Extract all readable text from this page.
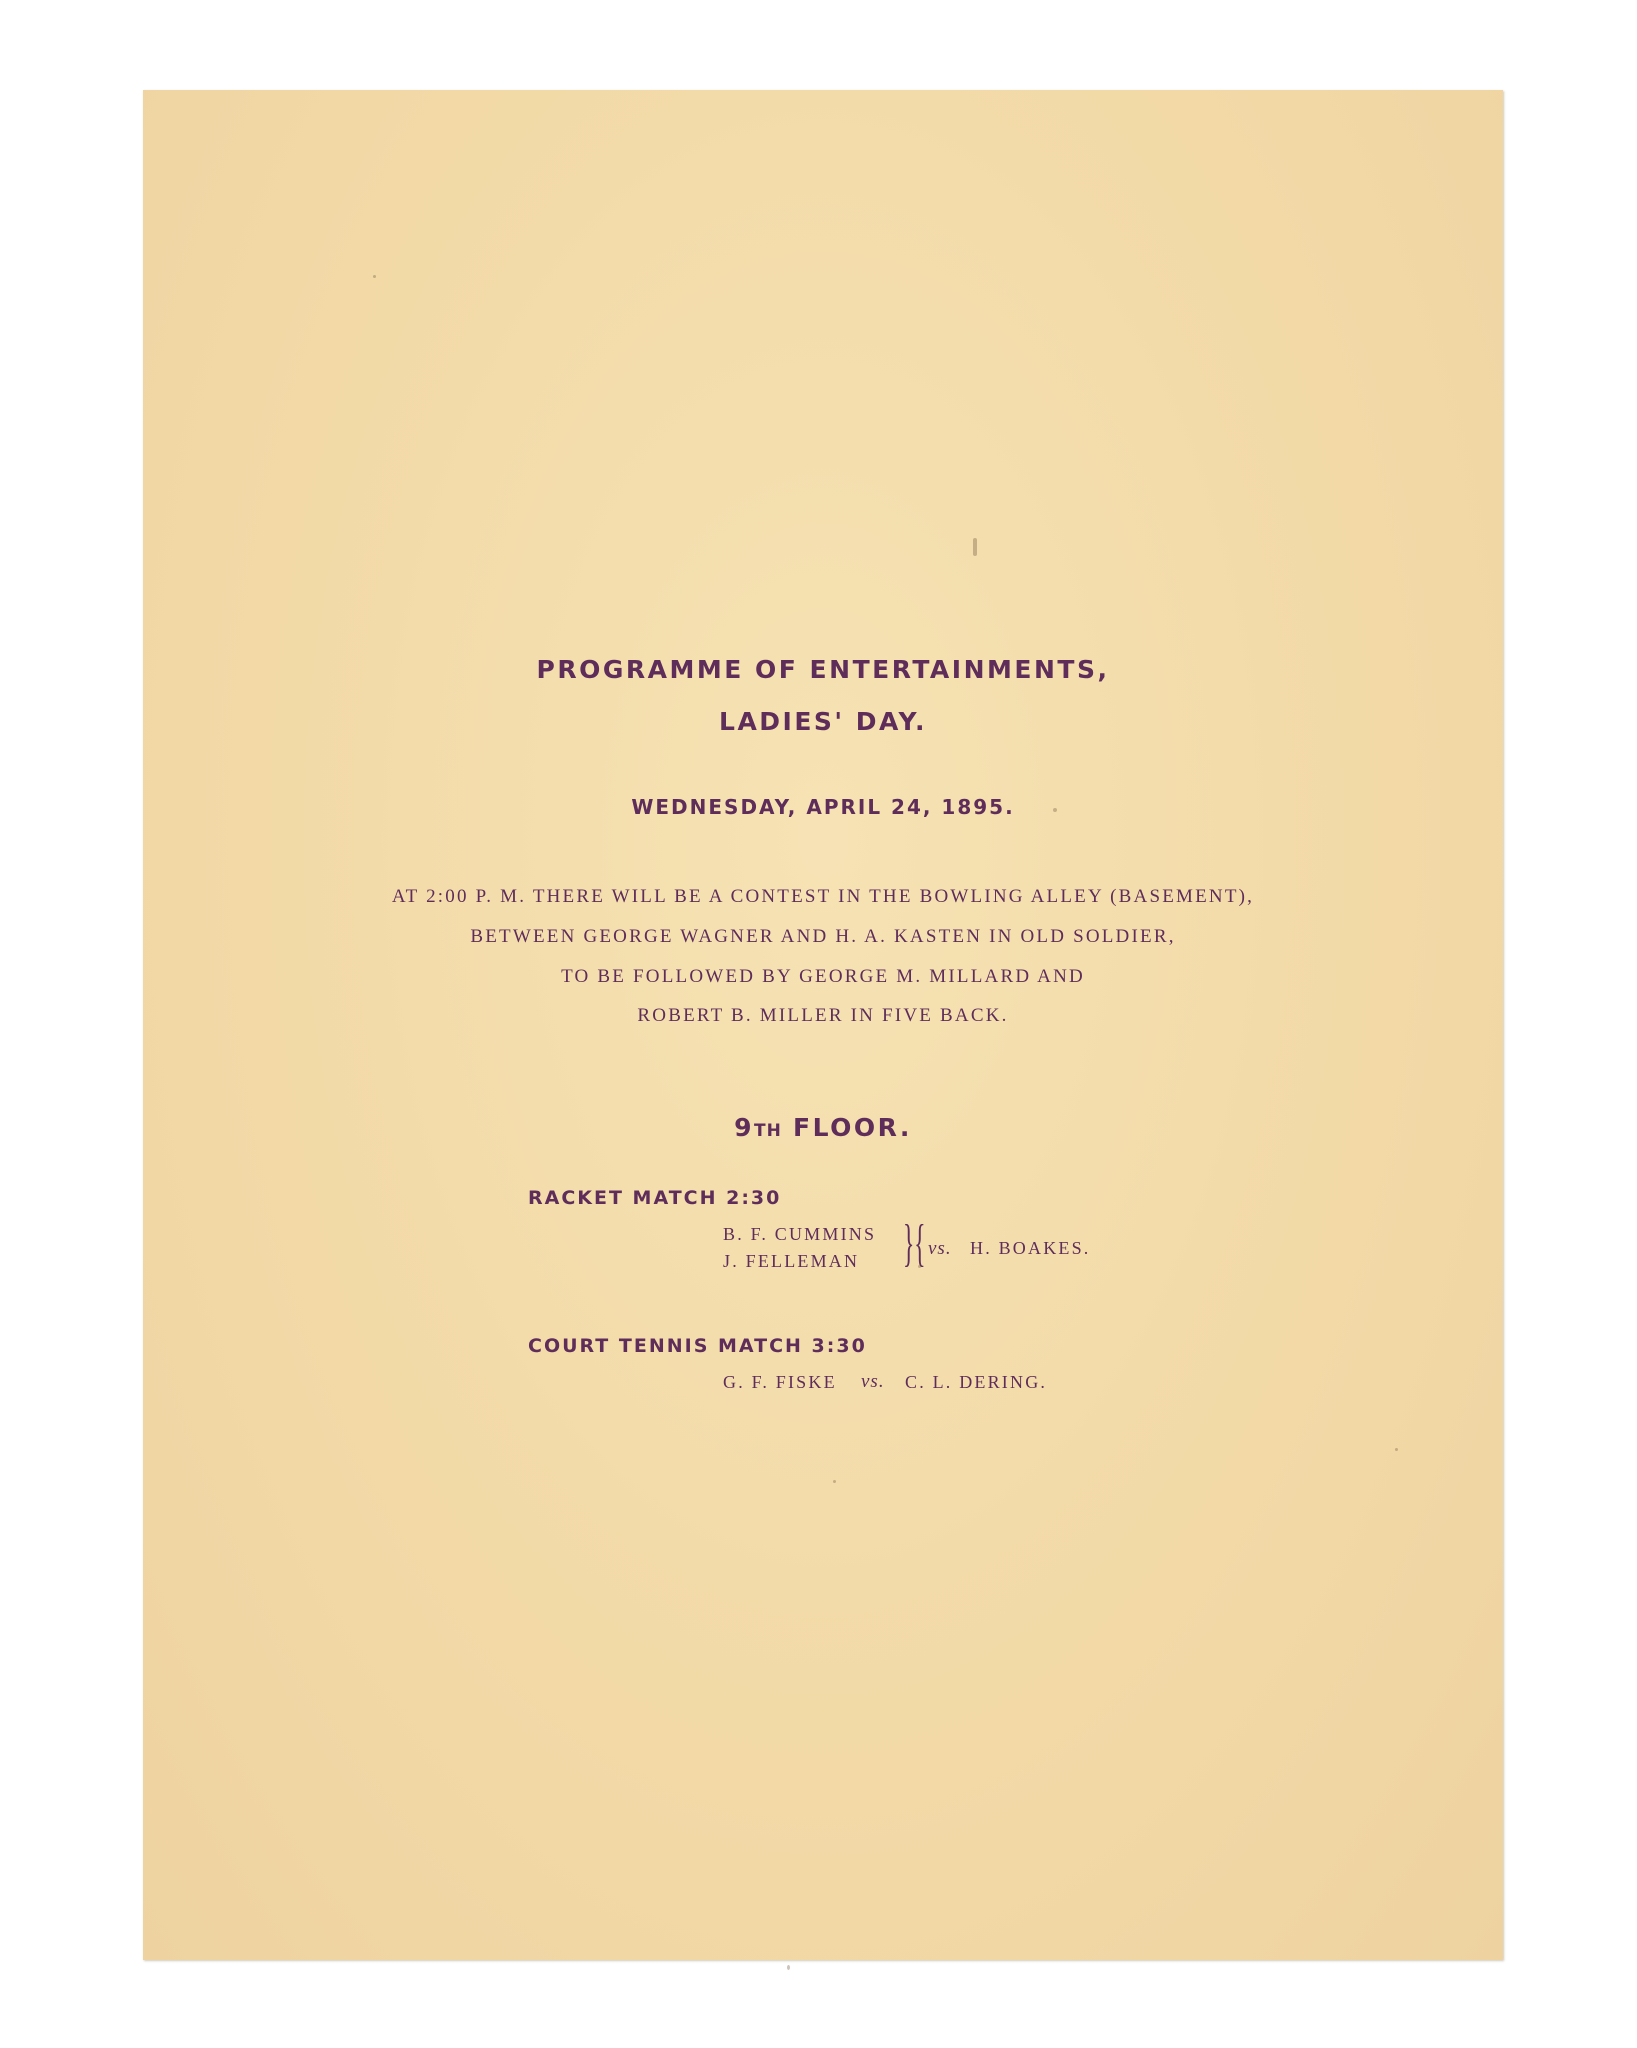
PROGRAMME OF ENTERTAINMENTS,
LADIES' DAY.
WEDNESDAY, APRIL 24, 1895.
AT 2:00 P. M. THERE WILL BE A CONTEST IN THE BOWLING ALLEY (BASEMENT),
BETWEEN GEORGE WAGNER AND H. A. KASTEN IN OLD SOLDIER,
TO BE FOLLOWED BY GEORGE M. MILLARD AND
ROBERT B. MILLER IN FIVE BACK.
9TH FLOOR.
RACKET MATCH 2:30
B. F. CUMMINS
J. FELLEMAN }{ vs. H. BOAKES.
COURT TENNIS MATCH 3:30
G. F. FISKE vs. C. L. DERING.
